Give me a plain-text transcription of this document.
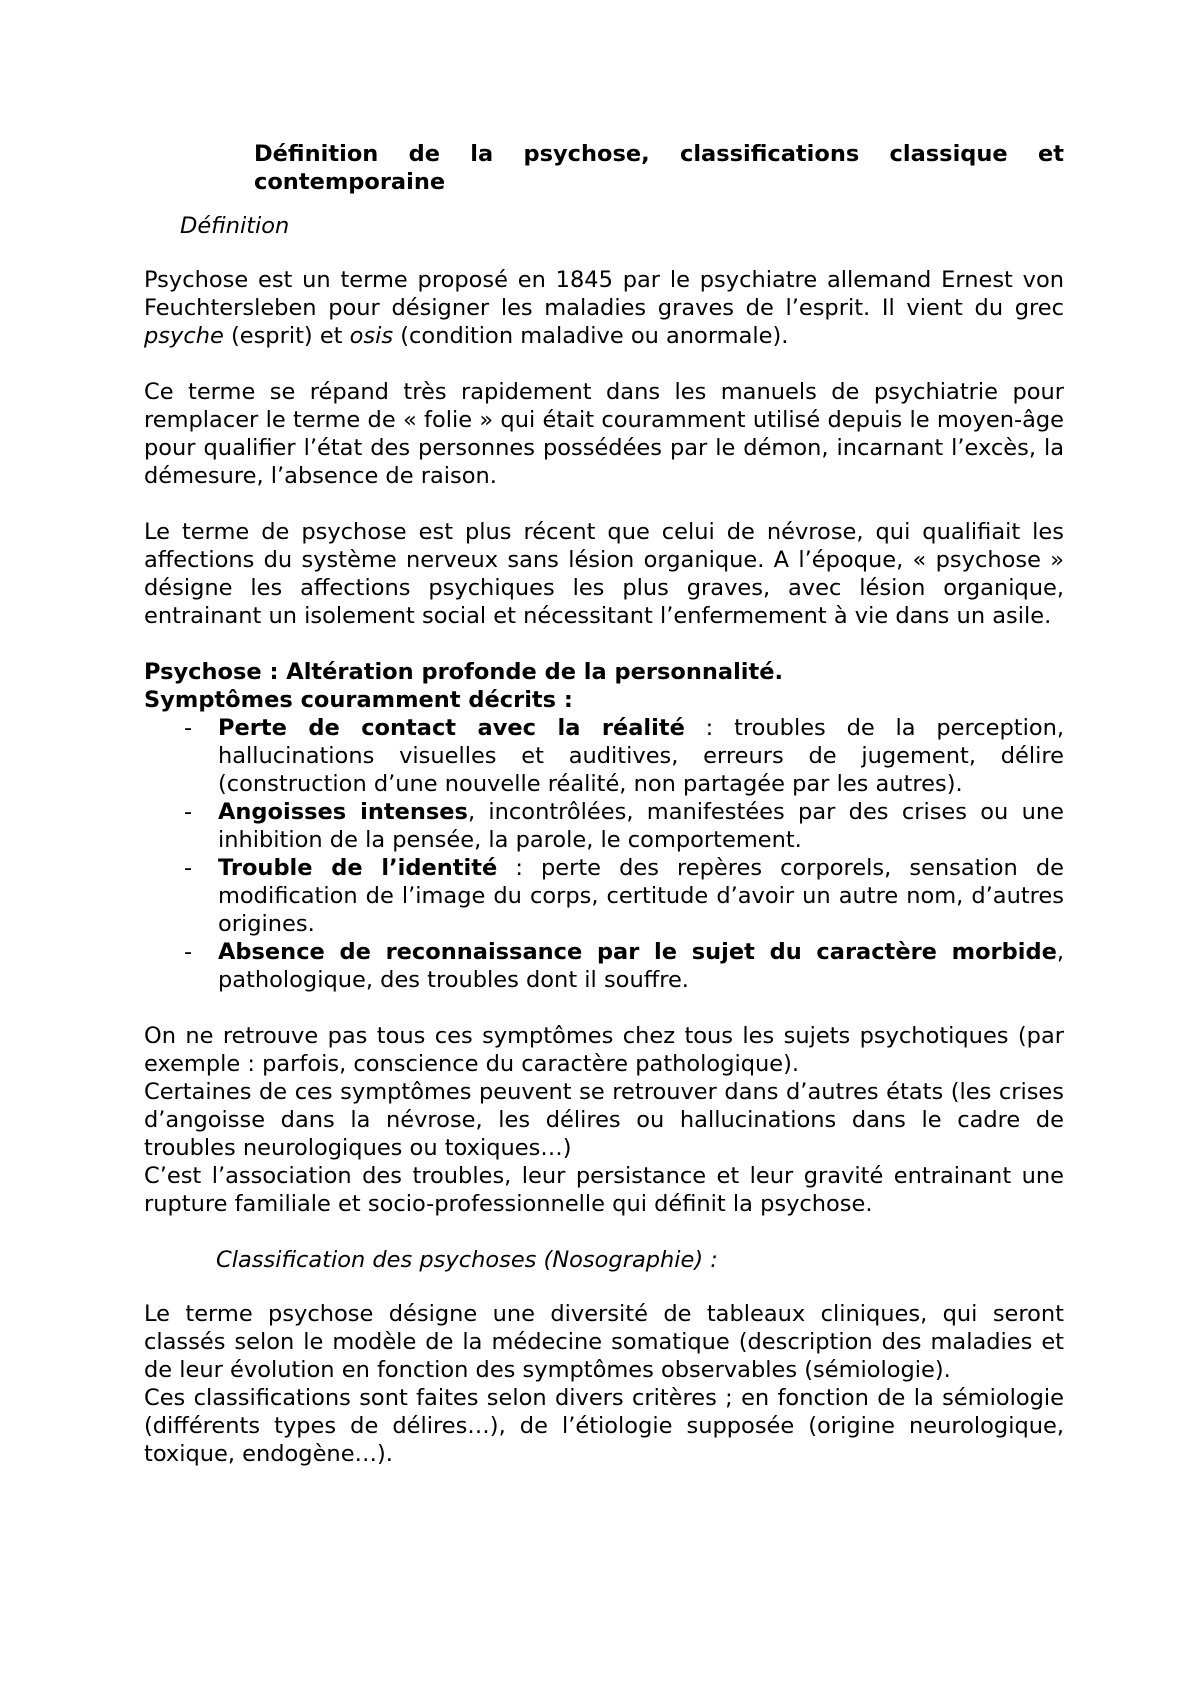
Définition de la psychose, classifications classique et contemporaine
Définition

Psychose est un terme proposé en 1845 par le psychiatre allemand Ernest von Feuchtersleben pour désigner les maladies graves de l’esprit. Il vient du grec psyche (esprit) et osis (condition maladive ou anormale).

Ce terme se répand très rapidement dans les manuels de psychiatrie pour remplacer le terme de « folie » qui était couramment utilisé depuis le moyen-âge pour qualifier l’état des personnes possédées par le démon, incarnant l’excès, la démesure, l’absence de raison.

Le terme de psychose est plus récent que celui de névrose, qui qualifiait les affections du système nerveux sans lésion organique. A l’époque, « psychose » désigne les affections psychiques les plus graves, avec lésion organique, entrainant un isolement social et nécessitant l’enfermement à vie dans un asile.

Psychose : Altération profonde de la personnalité.

Symptômes couramment décrits :

- Perte de contact avec la réalité : troubles de la perception, hallucinations visuelles et auditives, erreurs de jugement, délire (construction d’une nouvelle réalité, non partagée par les autres).
- Angoisses intenses, incontrôlées, manifestées par des crises ou une inhibition de la pensée, la parole, le comportement.
- Trouble de l’identité : perte des repères corporels, sensation de modification de l’image du corps, certitude d’avoir un autre nom, d’autres origines.
- Absence de reconnaissance par le sujet du caractère morbide, pathologique, des troubles dont il souffre.

On ne retrouve pas tous ces symptômes chez tous les sujets psychotiques (par exemple : parfois, conscience du caractère pathologique).

Certaines de ces symptômes peuvent se retrouver dans d’autres états (les crises d’angoisse dans la névrose, les délires ou hallucinations dans le cadre de troubles neurologiques ou toxiques…)

C’est l’association des troubles, leur persistance et leur gravité entrainant une rupture familiale et socio-professionnelle qui définit la psychose.

Classification des psychoses (Nosographie) :

Le terme psychose désigne une diversité de tableaux cliniques, qui seront classés selon le modèle de la médecine somatique (description des maladies et de leur évolution en fonction des symptômes observables (sémiologie).

Ces classifications sont faites selon divers critères ; en fonction de la sémiologie (différents types de délires…), de l’étiologie supposée (origine neurologique, toxique, endogène…).
